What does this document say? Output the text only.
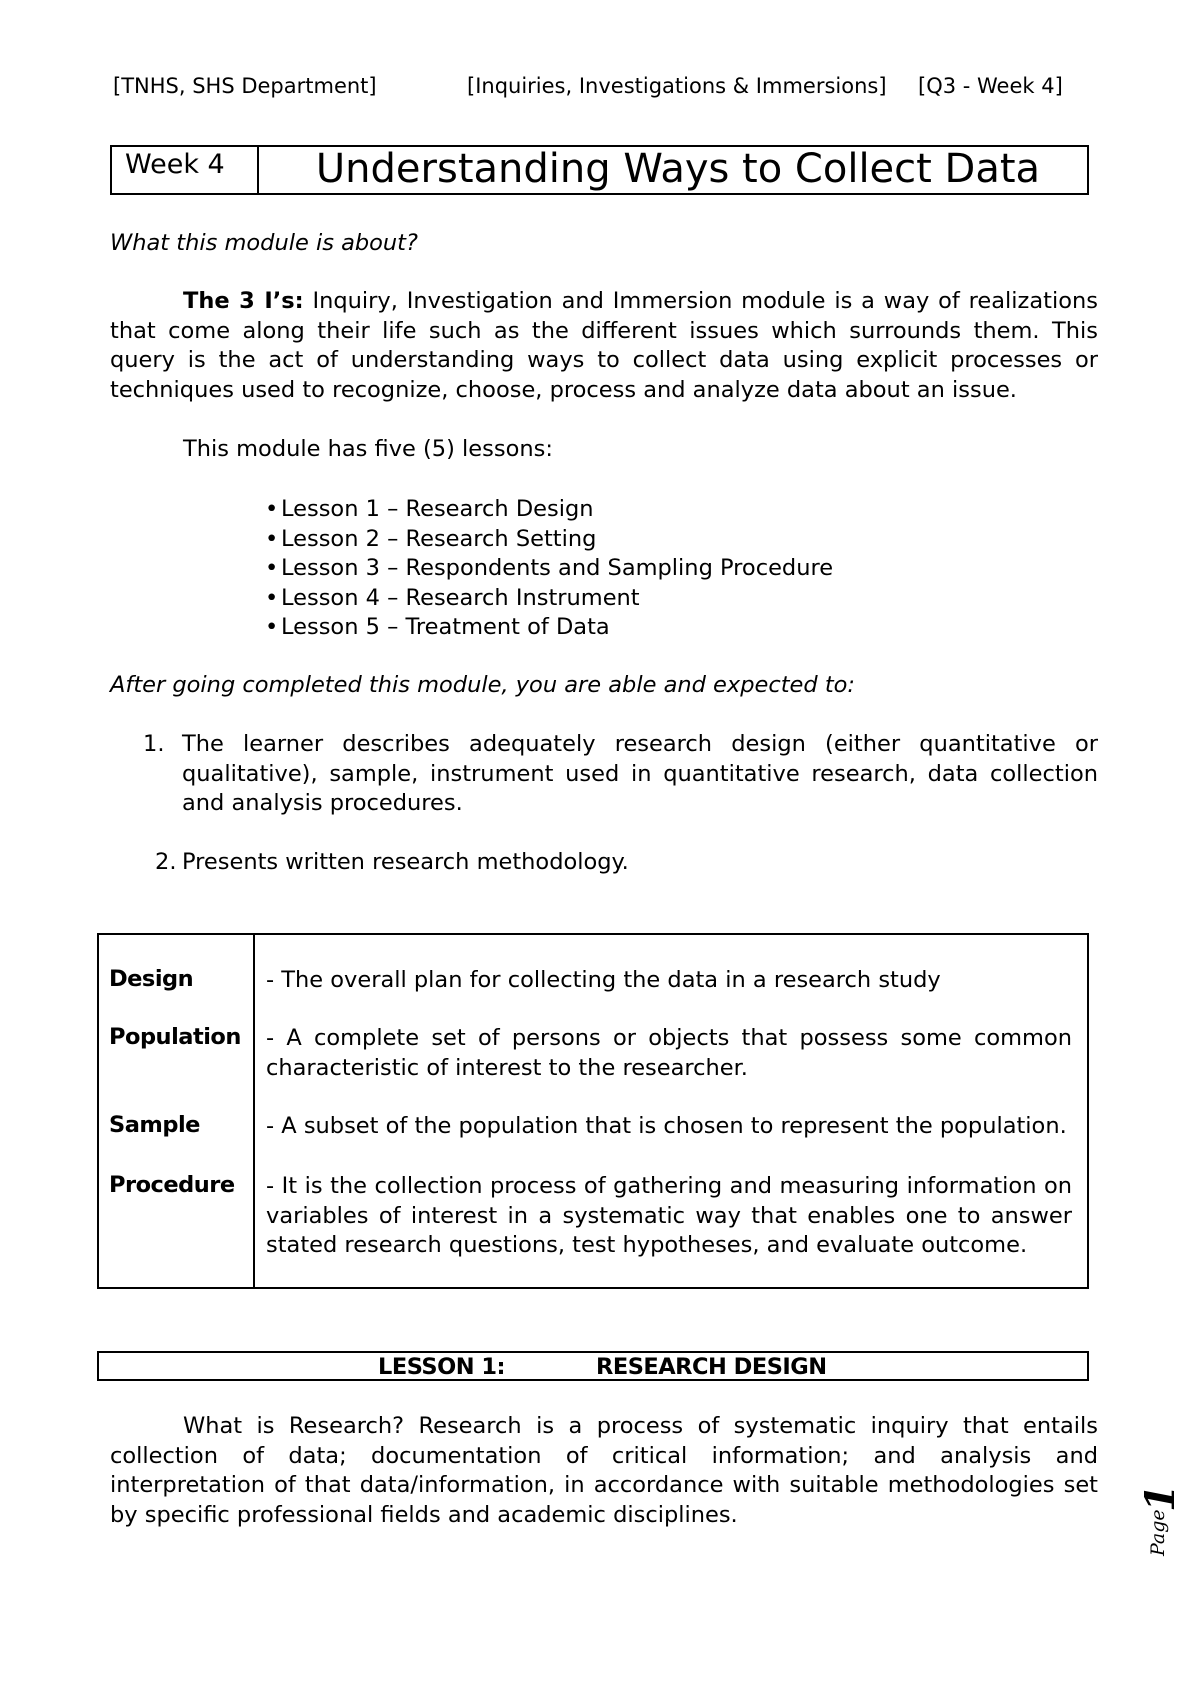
[TNHS, SHS Department]	[Inquiries, Investigations & Immersions] [Q3 - Week 4]
Week 4	Understanding Ways to Collect Data
What this module is about?
The 3 I’s: Inquiry, Investigation and Immersion module is a way of realizations that come along their life such as the different issues which surrounds them. This query is the act of understanding ways to collect data using explicit processes or techniques used to recognize, choose, process and analyze data about an issue.
This module has five (5) lessons:
• Lesson 1 – Research Design
• Lesson 2 – Research Setting
• Lesson 3 – Respondents and Sampling Procedure
• Lesson 4 – Research Instrument
• Lesson 5 – Treatment of Data
After going completed this module, you are able and expected to:
1. The learner describes adequately research design (either quantitative or qualitative), sample, instrument used in quantitative research, data collection and analysis procedures.
2. Presents written research methodology.
Design	- The overall plan for collecting the data in a research study
Population - A complete set of persons or objects that possess some common characteristic of interest to the researcher.
Sample	- A subset of the population that is chosen to represent the population.
Procedure - It is the collection process of gathering and measuring information on variables of interest in a systematic way that enables one to answer stated research questions, test hypotheses, and evaluate outcome.
LESSON 1:	RESEARCH DESIGN
What is Research? Research is a process of systematic inquiry that entails collection of data; documentation of critical information; and analysis and interpretation of that data/information, in accordance with suitable methodologies set by specific professional fields and academic disciplines.	Page
1
